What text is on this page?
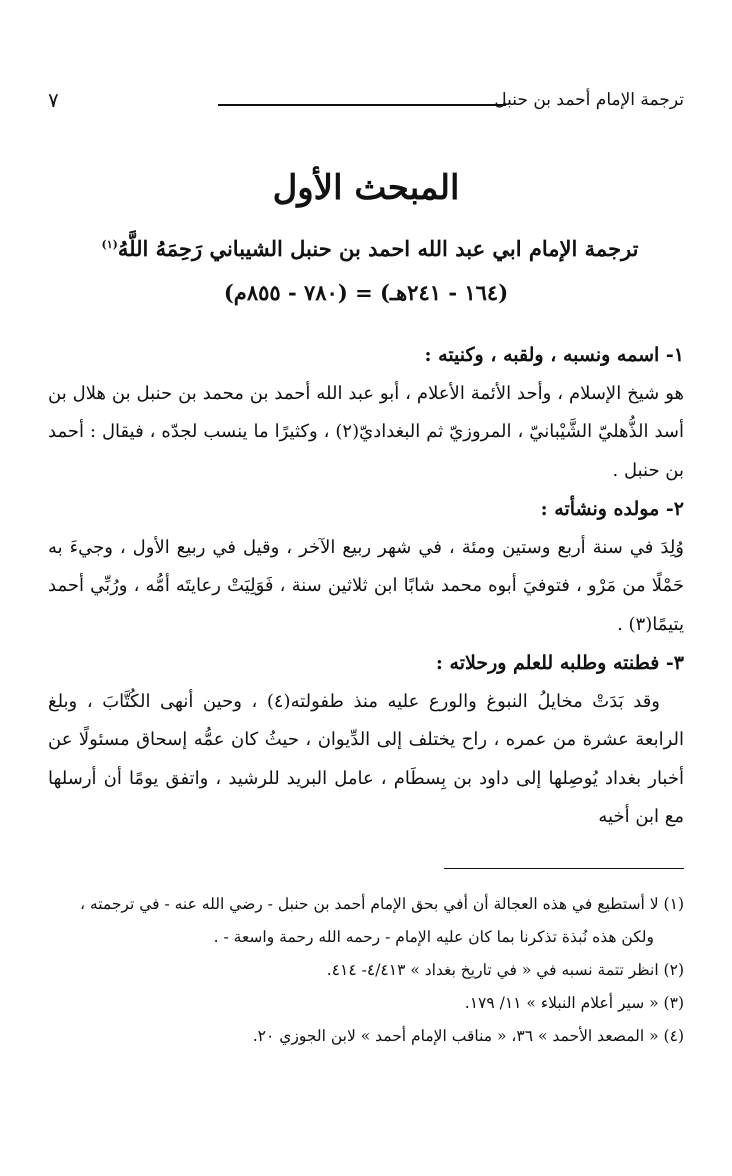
ترجمة الإمام أحمد بن حنبل
٧
المبحث الأول
ترجمة الإمام ابي عبد الله احمد بن حنبل الشيباني رَحِمَهُ اللَّهُ$^{(١)}$
(١٦٤ - ٢٤١هـ) = (٧٨٠ - ٨٥٥م)

١- اسمه ونسبه ، ولقبه ، وكنيته :

هو شيخ الإسلام ، وأحد الأئمة الأعلام ، أبو عبد الله أحمد بن محمد بن حنبل بن هلال بن أسد الذُّهليّ الشَّيْبانيّ ، المروزيّ ثم البغداديّ(٢) ، وكثيرًا ما ينسب لجدّه ، فيقال : أحمد بن حنبل .

٢- مولده ونشأته :

وُلِدَ في سنة أربع وستين ومئة ، في شهر ربيع الآخر ، وقيل في ربيع الأول ، وجيءَ به حَمْلًا من مَرْو ، فتوفيَ أبوه محمد شابًا ابن ثلاثين سنة ، فَوَلِيَتْ رعايتَه أمُّه ، ورُبِّي أحمد يتيمًا(٣) .

٣- فطنته وطلبه للعلم ورحلاته :

وقد بَدَتْ مخايلُ النبوغ والورع عليه منذ طفولته(٤) ، وحين أنهى الكُتَّابَ ، وبلغ الرابعة عشرة من عمره ، راح يختلف إلى الدِّيوان ، حيثُ كان عمُّه إسحاق مسئولًا عن أخبار بغداد يُوصِلها إلى داود بن بِسطَام ، عامل البريد للرشيد ، واتفق يومًا أن أرسلها مع ابن أخيه

(١) لا أستطيع في هذه العجالة أن أفي بحق الإمام أحمد بن حنبل - رضي الله عنه - في ترجمته ،

ولكن هذه نُبذة تذكرنا بما كان عليه الإمام - رحمه الله رحمة واسعة - .

(٢) انظر تتمة نسبه في « في تاريخ بغداد » ٤/٤١٣- ٤١٤.

(٣) « سير أعلام النبلاء » ١١/ ١٧٩.

(٤) « المصعد الأحمد » ٣٦، « مناقب الإمام أحمد » لابن الجوزي ٢٠.
